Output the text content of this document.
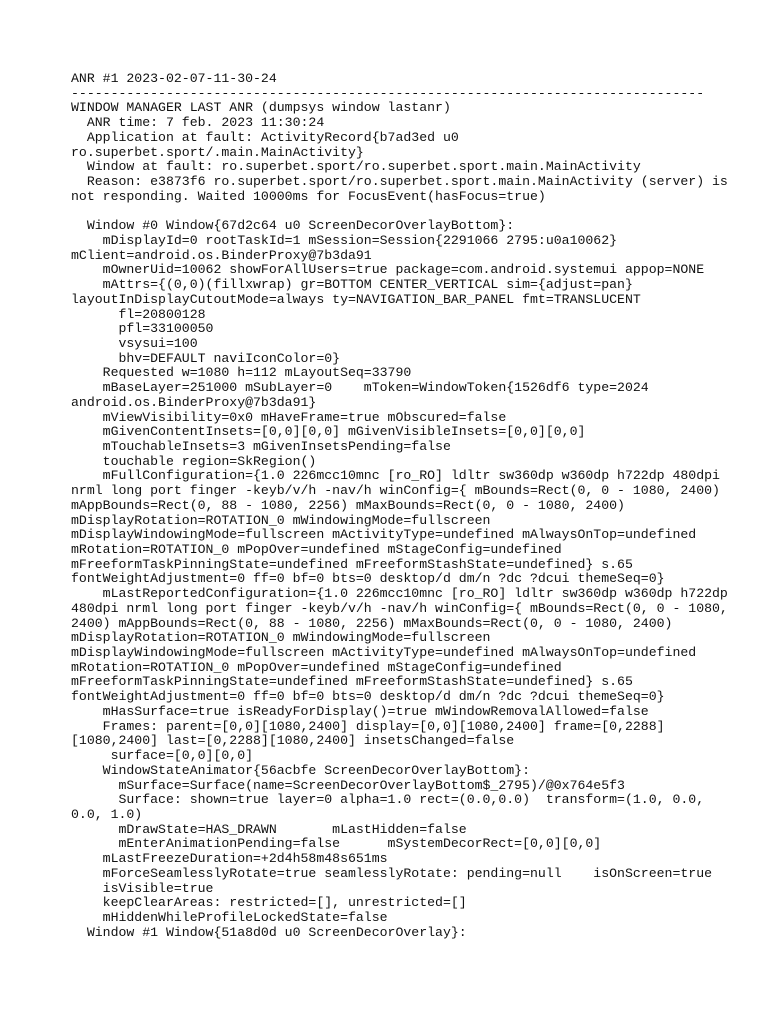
ANR #1 2023-02-07-11-30-24
--------------------------------------------------------------------------------
WINDOW MANAGER LAST ANR (dumpsys window lastanr)
ANR time: 7 feb. 2023 11:30:24
Application at fault: ActivityRecord{b7ad3ed u0
ro.superbet.sport/.main.MainActivity}
Window at fault: ro.superbet.sport/ro.superbet.sport.main.MainActivity
Reason: e3873f6 ro.superbet.sport/ro.superbet.sport.main.MainActivity (server) is
not responding. Waited 10000ms for FocusEvent(hasFocus=true)

Window #0 Window{67d2c64 u0 ScreenDecorOverlayBottom}:
mDisplayId=0 rootTaskId=1 mSession=Session{2291066 2795:u0a10062}
mClient=android.os.BinderProxy@7b3da91
mOwnerUid=10062 showForAllUsers=true package=com.android.systemui appop=NONE
mAttrs={(0,0)(fillxwrap) gr=BOTTOM CENTER_VERTICAL sim={adjust=pan}
layoutInDisplayCutoutMode=always ty=NAVIGATION_BAR_PANEL fmt=TRANSLUCENT
fl=20800128
pfl=33100050
vsysui=100
bhv=DEFAULT naviIconColor=0}
Requested w=1080 h=112 mLayoutSeq=33790
mBaseLayer=251000 mSubLayer=0    mToken=WindowToken{1526df6 type=2024
android.os.BinderProxy@7b3da91}
mViewVisibility=0x0 mHaveFrame=true mObscured=false
mGivenContentInsets=[0,0][0,0] mGivenVisibleInsets=[0,0][0,0]
mTouchableInsets=3 mGivenInsetsPending=false
touchable region=SkRegion()
mFullConfiguration={1.0 226mcc10mnc [ro_RO] ldltr sw360dp w360dp h722dp 480dpi
nrml long port finger -keyb/v/h -nav/h winConfig={ mBounds=Rect(0, 0 - 1080, 2400)
mAppBounds=Rect(0, 88 - 1080, 2256) mMaxBounds=Rect(0, 0 - 1080, 2400)
mDisplayRotation=ROTATION_0 mWindowingMode=fullscreen
mDisplayWindowingMode=fullscreen mActivityType=undefined mAlwaysOnTop=undefined
mRotation=ROTATION_0 mPopOver=undefined mStageConfig=undefined
mFreeformTaskPinningState=undefined mFreeformStashState=undefined} s.65
fontWeightAdjustment=0 ff=0 bf=0 bts=0 desktop/d dm/n ?dc ?dcui themeSeq=0}
mLastReportedConfiguration={1.0 226mcc10mnc [ro_RO] ldltr sw360dp w360dp h722dp
480dpi nrml long port finger -keyb/v/h -nav/h winConfig={ mBounds=Rect(0, 0 - 1080,
2400) mAppBounds=Rect(0, 88 - 1080, 2256) mMaxBounds=Rect(0, 0 - 1080, 2400)
mDisplayRotation=ROTATION_0 mWindowingMode=fullscreen
mDisplayWindowingMode=fullscreen mActivityType=undefined mAlwaysOnTop=undefined
mRotation=ROTATION_0 mPopOver=undefined mStageConfig=undefined
mFreeformTaskPinningState=undefined mFreeformStashState=undefined} s.65
fontWeightAdjustment=0 ff=0 bf=0 bts=0 desktop/d dm/n ?dc ?dcui themeSeq=0}
mHasSurface=true isReadyForDisplay()=true mWindowRemovalAllowed=false
Frames: parent=[0,0][1080,2400] display=[0,0][1080,2400] frame=[0,2288]
[1080,2400] last=[0,2288][1080,2400] insetsChanged=false
surface=[0,0][0,0]
WindowStateAnimator{56acbfe ScreenDecorOverlayBottom}:
mSurface=Surface(name=ScreenDecorOverlayBottom$_2795)/@0x764e5f3
Surface: shown=true layer=0 alpha=1.0 rect=(0.0,0.0)  transform=(1.0, 0.0,
0.0, 1.0)
mDrawState=HAS_DRAWN       mLastHidden=false
mEnterAnimationPending=false      mSystemDecorRect=[0,0][0,0]
mLastFreezeDuration=+2d4h58m48s651ms
mForceSeamlesslyRotate=true seamlesslyRotate: pending=null    isOnScreen=true
isVisible=true
keepClearAreas: restricted=[], unrestricted=[]
mHiddenWhileProfileLockedState=false
Window #1 Window{51a8d0d u0 ScreenDecorOverlay}:
